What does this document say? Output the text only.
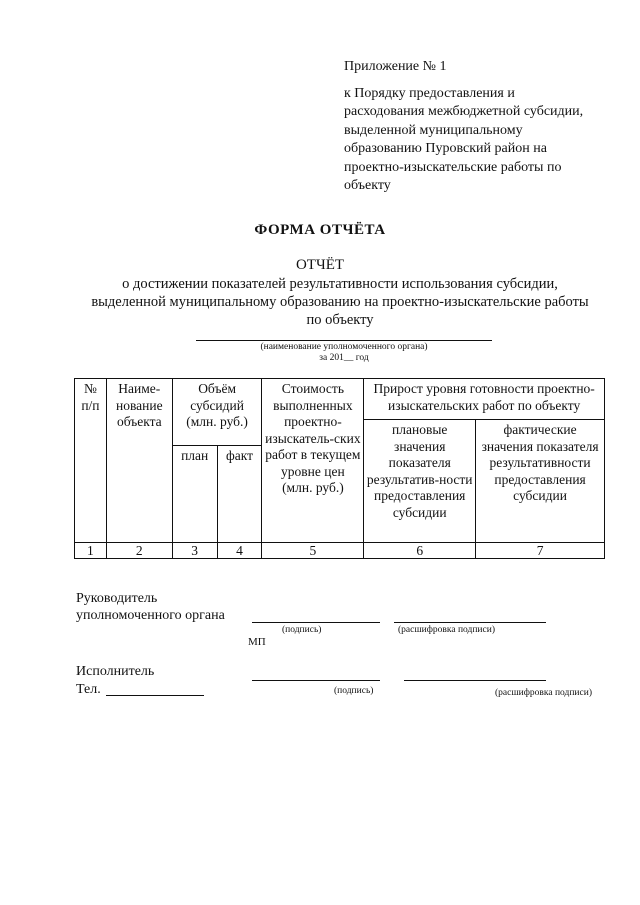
Приложение № 1
к Порядку предоставления и
расходования межбюджетной субсидии,
выделенной муниципальному
образованию Пуровский район на
проектно-изыскательские работы по
объекту
ФОРМА ОТЧЁТА
ОТЧЁТ
о достижении показателей результативности использования субсидии,
выделенной муниципальному образованию на проектно-изыскательские работы
по объекту
(наименование уполномоченного органа)
за 201__ год
№ п/п	Наиме-нование объекта	Объём субсидий (млн. руб.)		Стоимость выполненных проектно-изыскатель-ских работ в текущем уровне цен (млн. руб.)	Прирост уровня готовности проектно-изыскательских работ по объекту	
					плановые значения показателя результатив-ности предоставления субсидии	фактические значения показателя результативности предоставления субсидии
		план	факт			
1	2	3	4	5	6	7
Руководитель
уполномоченного органа
(подпись)	(расшифровка подписи)
МП
Исполнитель
Тел.	(подпись)	(расшифровка подписи)
